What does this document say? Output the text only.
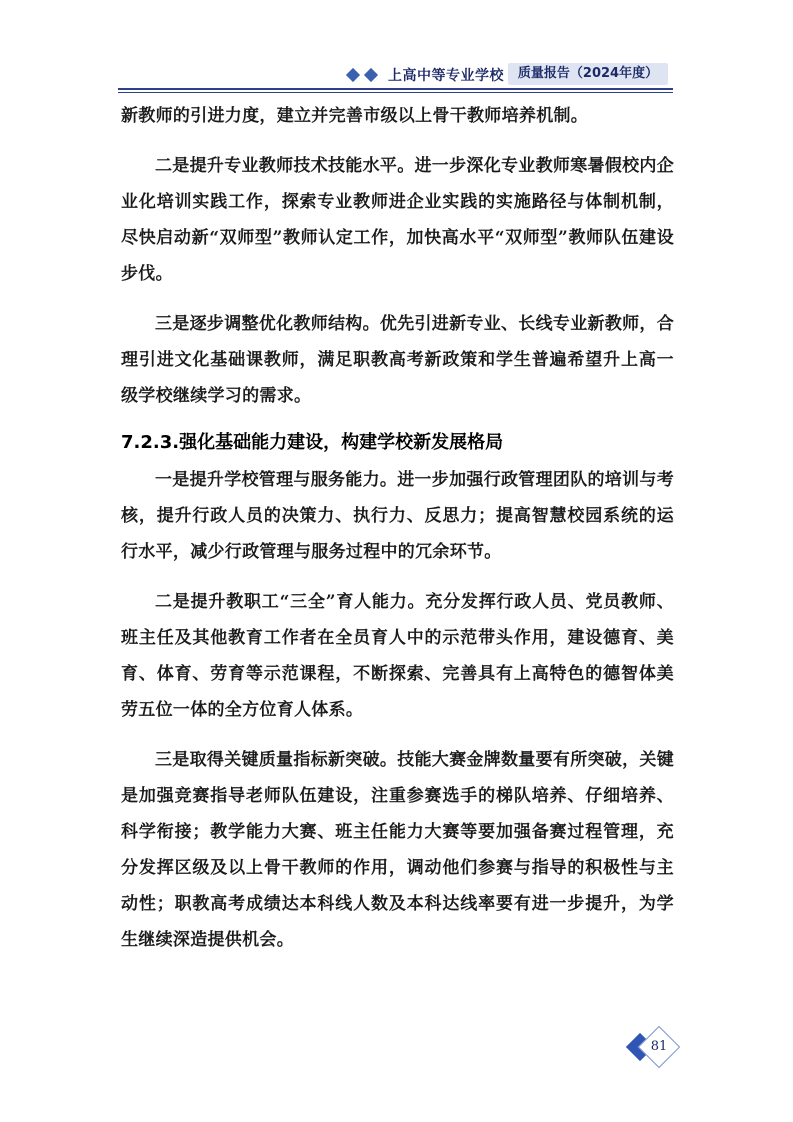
上高中等专业学校	质量报告（2024年度）

新教师的引进力度，建立并完善市级以上骨干教师培养机制。

二是提升专业教师技术技能水平。进一步深化专业教师寒暑假校内企业化培训实践工作，探索专业教师进企业实践的实施路径与体制机制，尽快启动新“双师型”教师认定工作，加快高水平“双师型”教师队伍建设步伐。

三是逐步调整优化教师结构。优先引进新专业、长线专业新教师，合理引进文化基础课教师，满足职教高考新政策和学生普遍希望升上高一级学校继续学习的需求。

7.2.3.强化基础能力建设，构建学校新发展格局

一是提升学校管理与服务能力。进一步加强行政管理团队的培训与考核，提升行政人员的决策力、执行力、反思力；提高智慧校园系统的运行水平，减少行政管理与服务过程中的冗余环节。

二是提升教职工“三全”育人能力。充分发挥行政人员、党员教师、班主任及其他教育工作者在全员育人中的示范带头作用，建设德育、美育、体育、劳育等示范课程，不断探索、完善具有上高特色的德智体美劳五位一体的全方位育人体系。

三是取得关键质量指标新突破。技能大赛金牌数量要有所突破，关键是加强竞赛指导老师队伍建设，注重参赛选手的梯队培养、仔细培养、科学衔接；教学能力大赛、班主任能力大赛等要加强备赛过程管理，充分发挥区级及以上骨干教师的作用，调动他们参赛与指导的积极性与主动性；职教高考成绩达本科线人数及本科达线率要有进一步提升，为学生继续深造提供机会。

81
